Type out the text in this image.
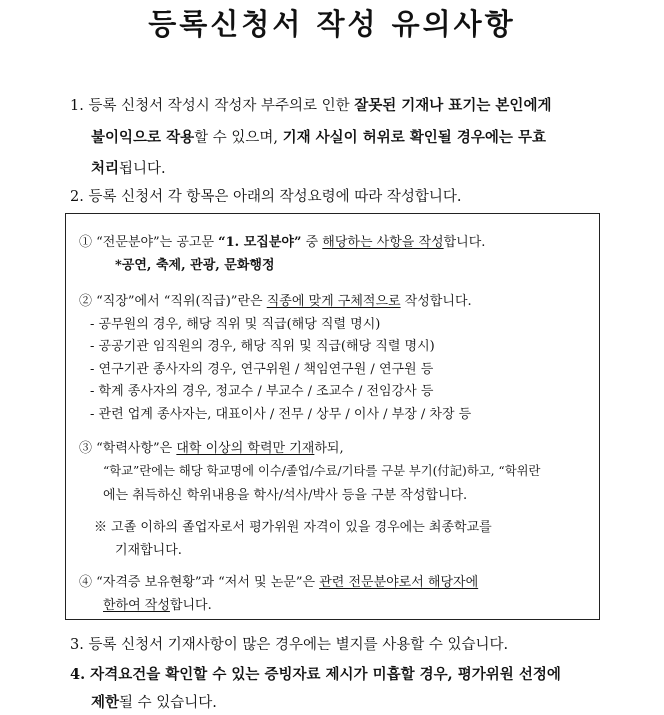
등록신청서 작성 유의사항
1. 등록 신청서 작성시 작성자 부주의로 인한 잘못된 기재나 표기는 본인에게
불이익으로 작용할 수 있으며, 기재 사실이 허위로 확인될 경우에는 무효
처리됩니다.
2. 등록 신청서 각 항목은 아래의 작성요령에 따라 작성합니다.
① “전문분야”는 공고문 “1. 모집분야” 중 해당하는 사항을 작성합니다.
*공연, 축제, 관광, 문화행정
② “직장”에서 “직위(직급)”란은 직종에 맞게 구체적으로 작성합니다.
- 공무원의 경우, 해당 직위 및 직급(해당 직렬 명시)
- 공공기관 임직원의 경우, 해당 직위 및 직급(해당 직렬 명시)
- 연구기관 종사자의 경우, 연구위원 / 책임연구원 / 연구원 등
- 학계 종사자의 경우, 정교수 / 부교수 / 조교수 / 전임강사 등
- 관련 업계 종사자는, 대표이사 / 전무 / 상무 / 이사 / 부장 / 차장 등
③ “학력사항”은 대학 이상의 학력만 기재하되,
“학교”란에는 해당 학교명에 이수/졸업/수료/기타를 구분 부기(付記)하고, “학위란
에는 취득하신 학위내용을 학사/석사/박사 등을 구분 작성합니다.
※ 고졸 이하의 졸업자로서 평가위원 자격이 있을 경우에는 최종학교를
기재합니다.
④ “자격증 보유현황”과 “저서 및 논문”은 관련 전문분야로서 해당자에
한하여 작성합니다.
3. 등록 신청서 기재사항이 많은 경우에는 별지를 사용할 수 있습니다.
4. 자격요건을 확인할 수 있는 증빙자료 제시가 미흡할 경우, 평가위원 선정에
제한될 수 있습니다.
